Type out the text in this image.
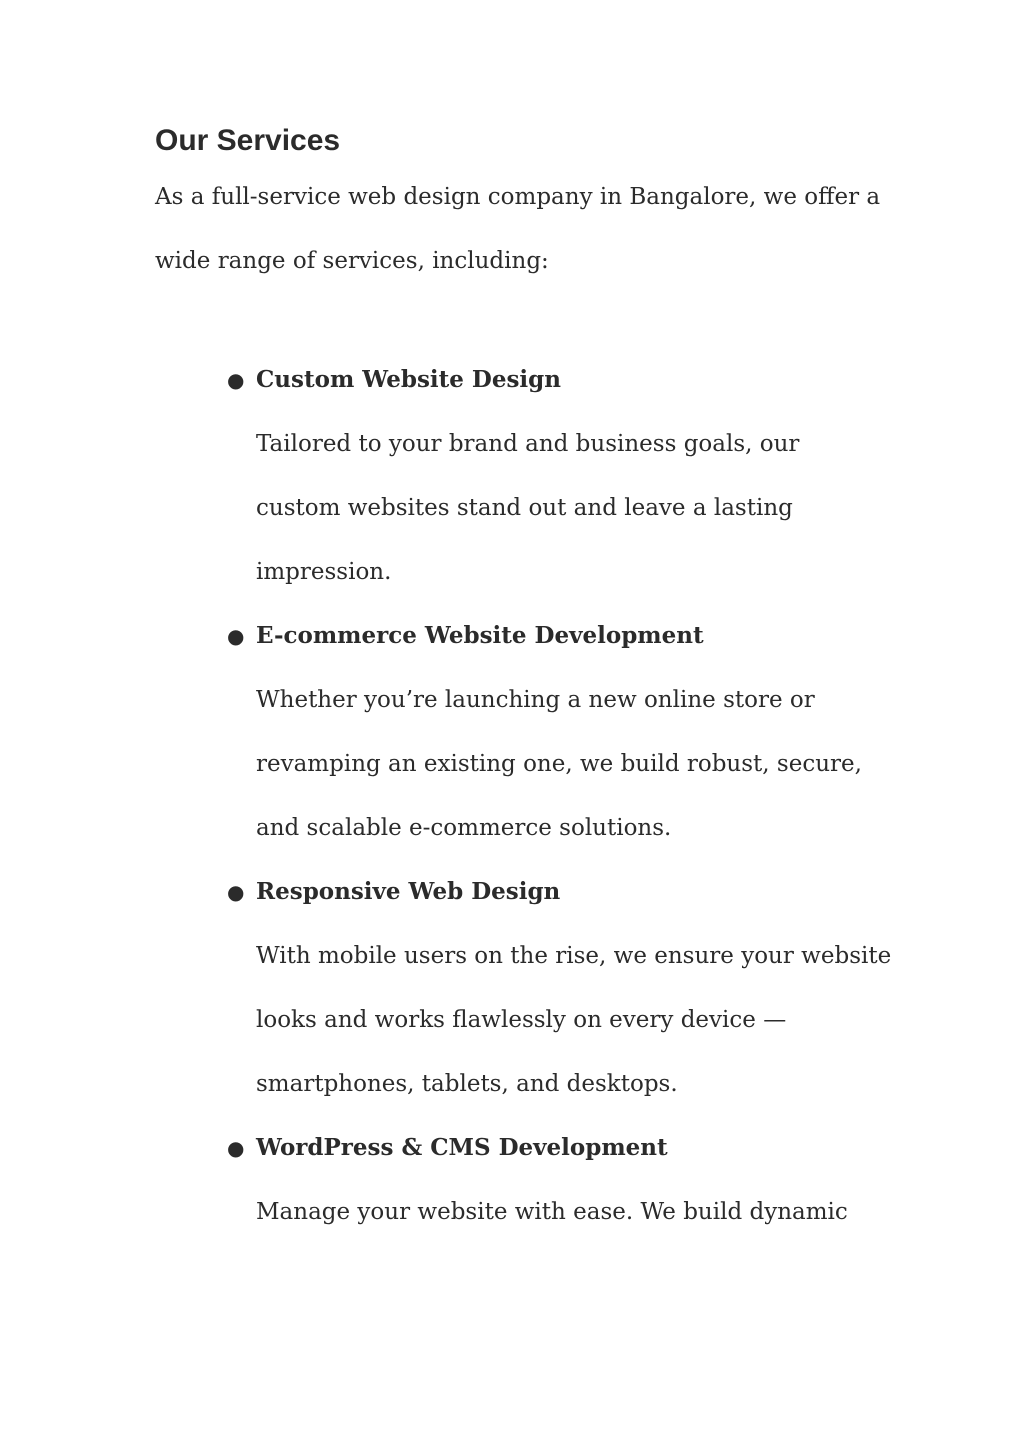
Our Services

As a full-service web design company in Bangalore, we offer a
wide range of services, including:

● Custom Website Design
Tailored to your brand and business goals, our
custom websites stand out and leave a lasting
impression.
● E-commerce Website Development
Whether you’re launching a new online store or
revamping an existing one, we build robust, secure,
and scalable e-commerce solutions.
● Responsive Web Design
With mobile users on the rise, we ensure your website
looks and works flawlessly on every device —
smartphones, tablets, and desktops.
● WordPress & CMS Development
Manage your website with ease. We build dynamic
